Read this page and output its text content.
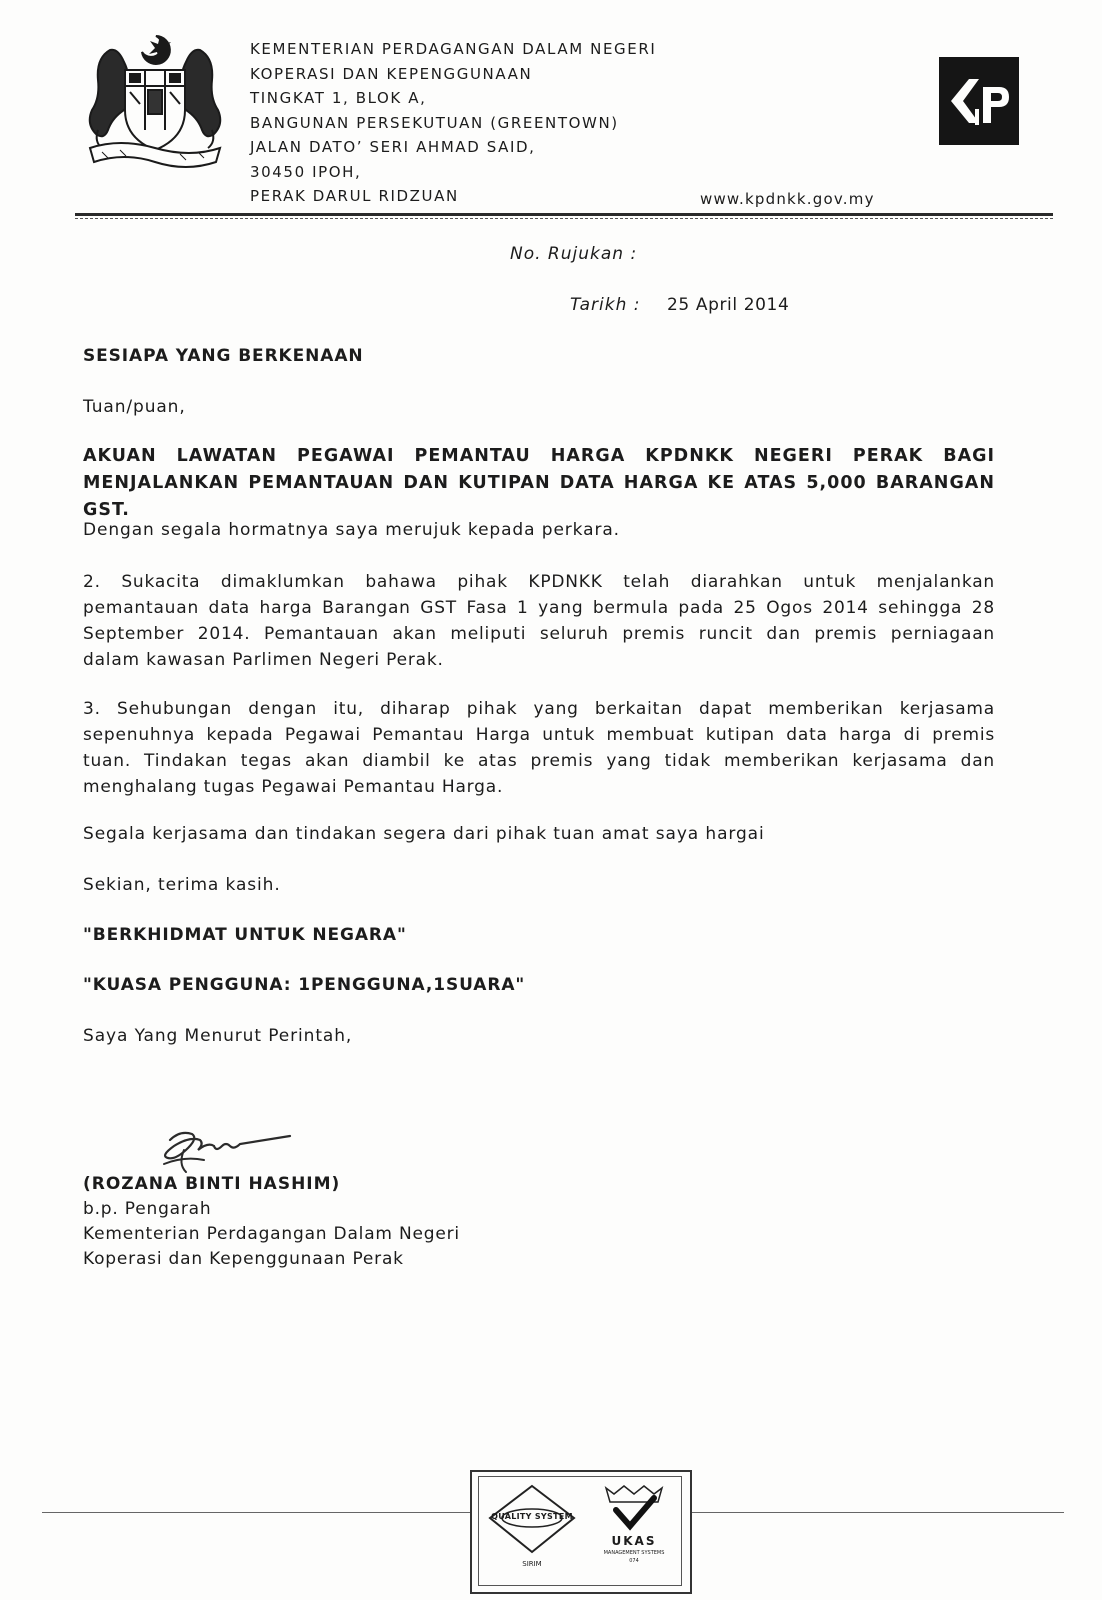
KEMENTERIAN PERDAGANGAN DALAM NEGERI
KOPERASI DAN KEPENGGUNAAN
TINGKAT 1, BLOK A,
BANGUNAN PERSEKUTUAN (GREENTOWN)
JALAN DATO’ SERI AHMAD SAID,
30450 IPOH,
PERAK DARUL RIDZUAN	www.kpdnkk.gov.my
No. Rujukan :
Tarikh : 25 April 2014
SESIAPA YANG BERKENAAN
Tuan/puan,
AKUAN LAWATAN PEGAWAI PEMANTAU HARGA KPDNKK NEGERI PERAK BAGI
MENJALANKAN PEMANTAUAN DAN KUTIPAN DATA HARGA KE ATAS 5,000 BARANGAN GST.
Dengan segala hormatnya saya merujuk kepada perkara.
2. Sukacita dimaklumkan bahawa pihak KPDNKK telah diarahkan untuk menjalankan
pemantauan data harga Barangan GST Fasa 1 yang bermula pada 25 Ogos 2014 sehingga 28
September 2014. Pemantauan akan meliputi seluruh premis runcit dan premis perniagaan
dalam kawasan Parlimen Negeri Perak.
3. Sehubungan dengan itu, diharap pihak yang berkaitan dapat memberikan kerjasama
sepenuhnya kepada Pegawai Pemantau Harga untuk membuat kutipan data harga di premis
tuan. Tindakan tegas akan diambil ke atas premis yang tidak memberikan kerjasama dan
menghalang tugas Pegawai Pemantau Harga.
Segala kerjasama dan tindakan segera dari pihak tuan amat saya hargai
Sekian, terima kasih.
"BERKHIDMAT UNTUK NEGARA"
"KUASA PENGGUNA: 1PENGGUNA,1SUARA"
Saya Yang Menurut Perintah,
(ROZANA BINTI HASHIM)
b.p. Pengarah
Kementerian Perdagangan Dalam Negeri
Koperasi dan Kepenggunaan Perak
QUALITY SYSTEM
SIRIM
UKAS
MANAGEMENT SYSTEMS
074
